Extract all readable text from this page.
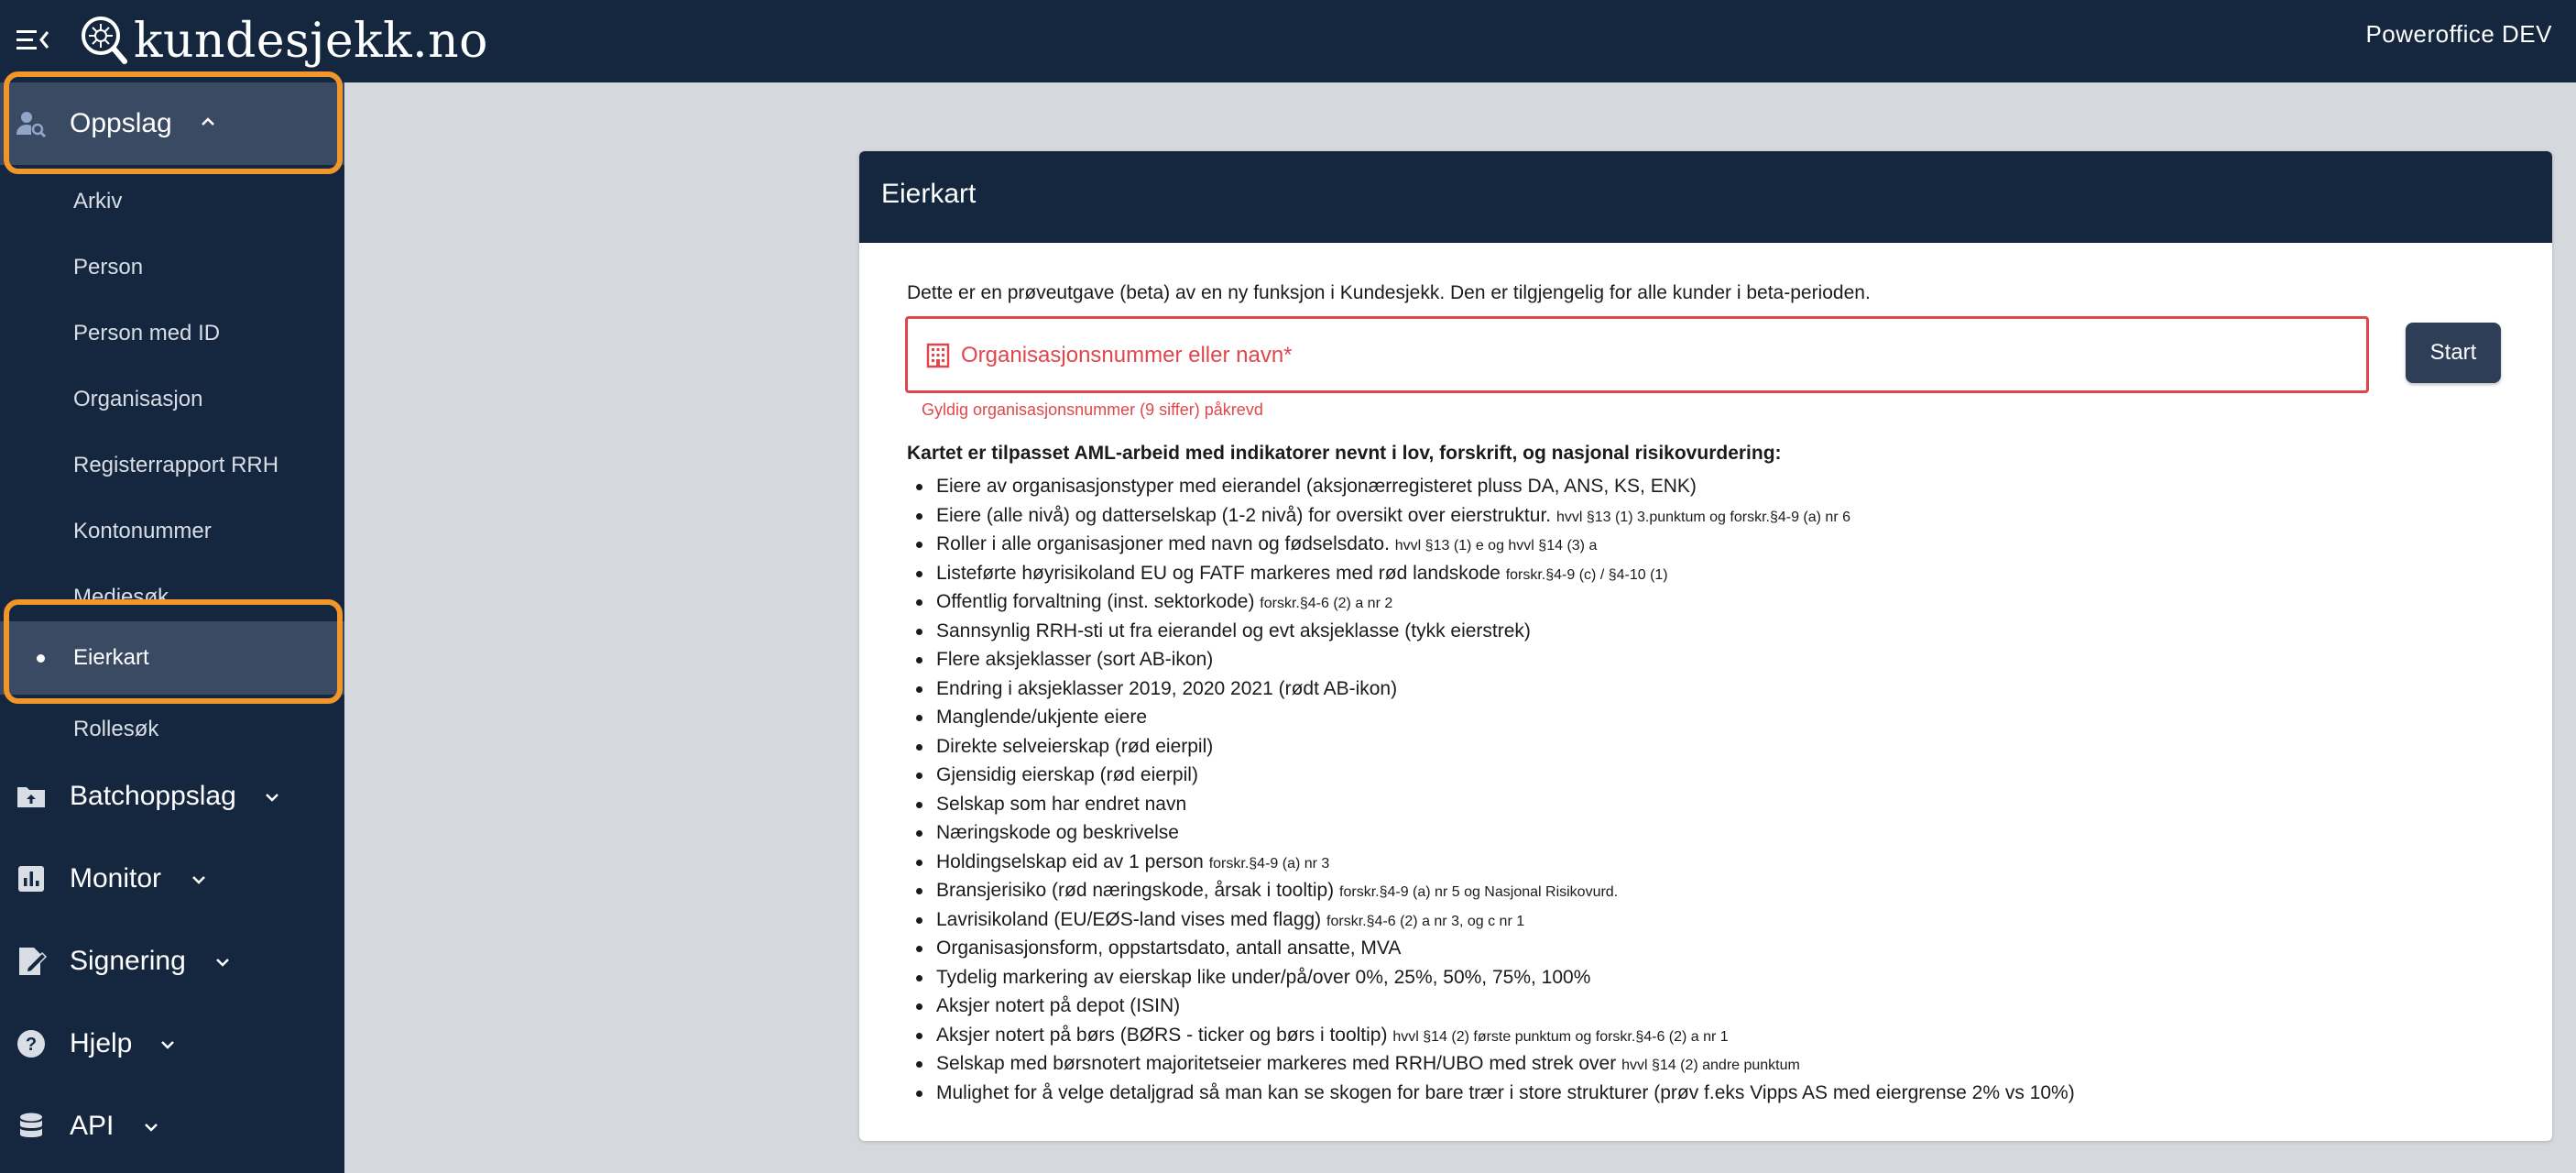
kundesjekk.no	Poweroffice DEV
Oppslag
Arkiv
Person
Person med ID
Organisasjon
Registerrapport RRH
Kontonummer
Mediesøk
Eierkart
Rollesøk
Batchoppslag
Monitor
Signering
? Hjelp
API
Eierkart
Dette er en prøveutgave (beta) av en ny funksjon i Kundesjekk. Den er tilgjengelig for alle kunder i beta-perioden.
Organisasjonsnummer eller navn*
Gyldig organisasjonsnummer (9 siffer) påkrevd
Start
Kartet er tilpasset AML-arbeid med indikatorer nevnt i lov, forskrift, og nasjonal risikovurdering:
Eiere av organisasjonstyper med eierandel (aksjonærregisteret pluss DA, ANS, KS, ENK)
Eiere (alle nivå) og datterselskap (1-2 nivå) for oversikt over eierstruktur. hvvl §13 (1) 3.punktum og forskr.§4-9 (a) nr 6
Roller i alle organisasjoner med navn og fødselsdato. hvvl §13 (1) e og hvvl §14 (3) a
Listeførte høyrisikoland EU og FATF markeres med rød landskode forskr.§4-9 (c) / §4-10 (1)
Offentlig forvaltning (inst. sektorkode) forskr.§4-6 (2) a nr 2
Sannsynlig RRH-sti ut fra eierandel og evt aksjeklasse (tykk eierstrek)
Flere aksjeklasser (sort AB-ikon)
Endring i aksjeklasser 2019, 2020 2021 (rødt AB-ikon)
Manglende/ukjente eiere
Direkte selveierskap (rød eierpil)
Gjensidig eierskap (rød eierpil)
Selskap som har endret navn
Næringskode og beskrivelse
Holdingselskap eid av 1 person forskr.§4-9 (a) nr 3
Bransjerisiko (rød næringskode, årsak i tooltip) forskr.§4-9 (a) nr 5 og Nasjonal Risikovurd.
Lavrisikoland (EU/EØS-land vises med flagg) forskr.§4-6 (2) a nr 3, og c nr 1
Organisasjonsform, oppstartsdato, antall ansatte, MVA
Tydelig markering av eierskap like under/på/over 0%, 25%, 50%, 75%, 100%
Aksjer notert på depot (ISIN)
Aksjer notert på børs (BØRS - ticker og børs i tooltip) hvvl §14 (2) første punktum og forskr.§4-6 (2) a nr 1
Selskap med børsnotert majoritetseier markeres med RRH/UBO med strek over hvvl §14 (2) andre punktum
Mulighet for å velge detaljgrad så man kan se skogen for bare trær i store strukturer (prøv f.eks Vipps AS med eiergrense 2% vs 10%)
